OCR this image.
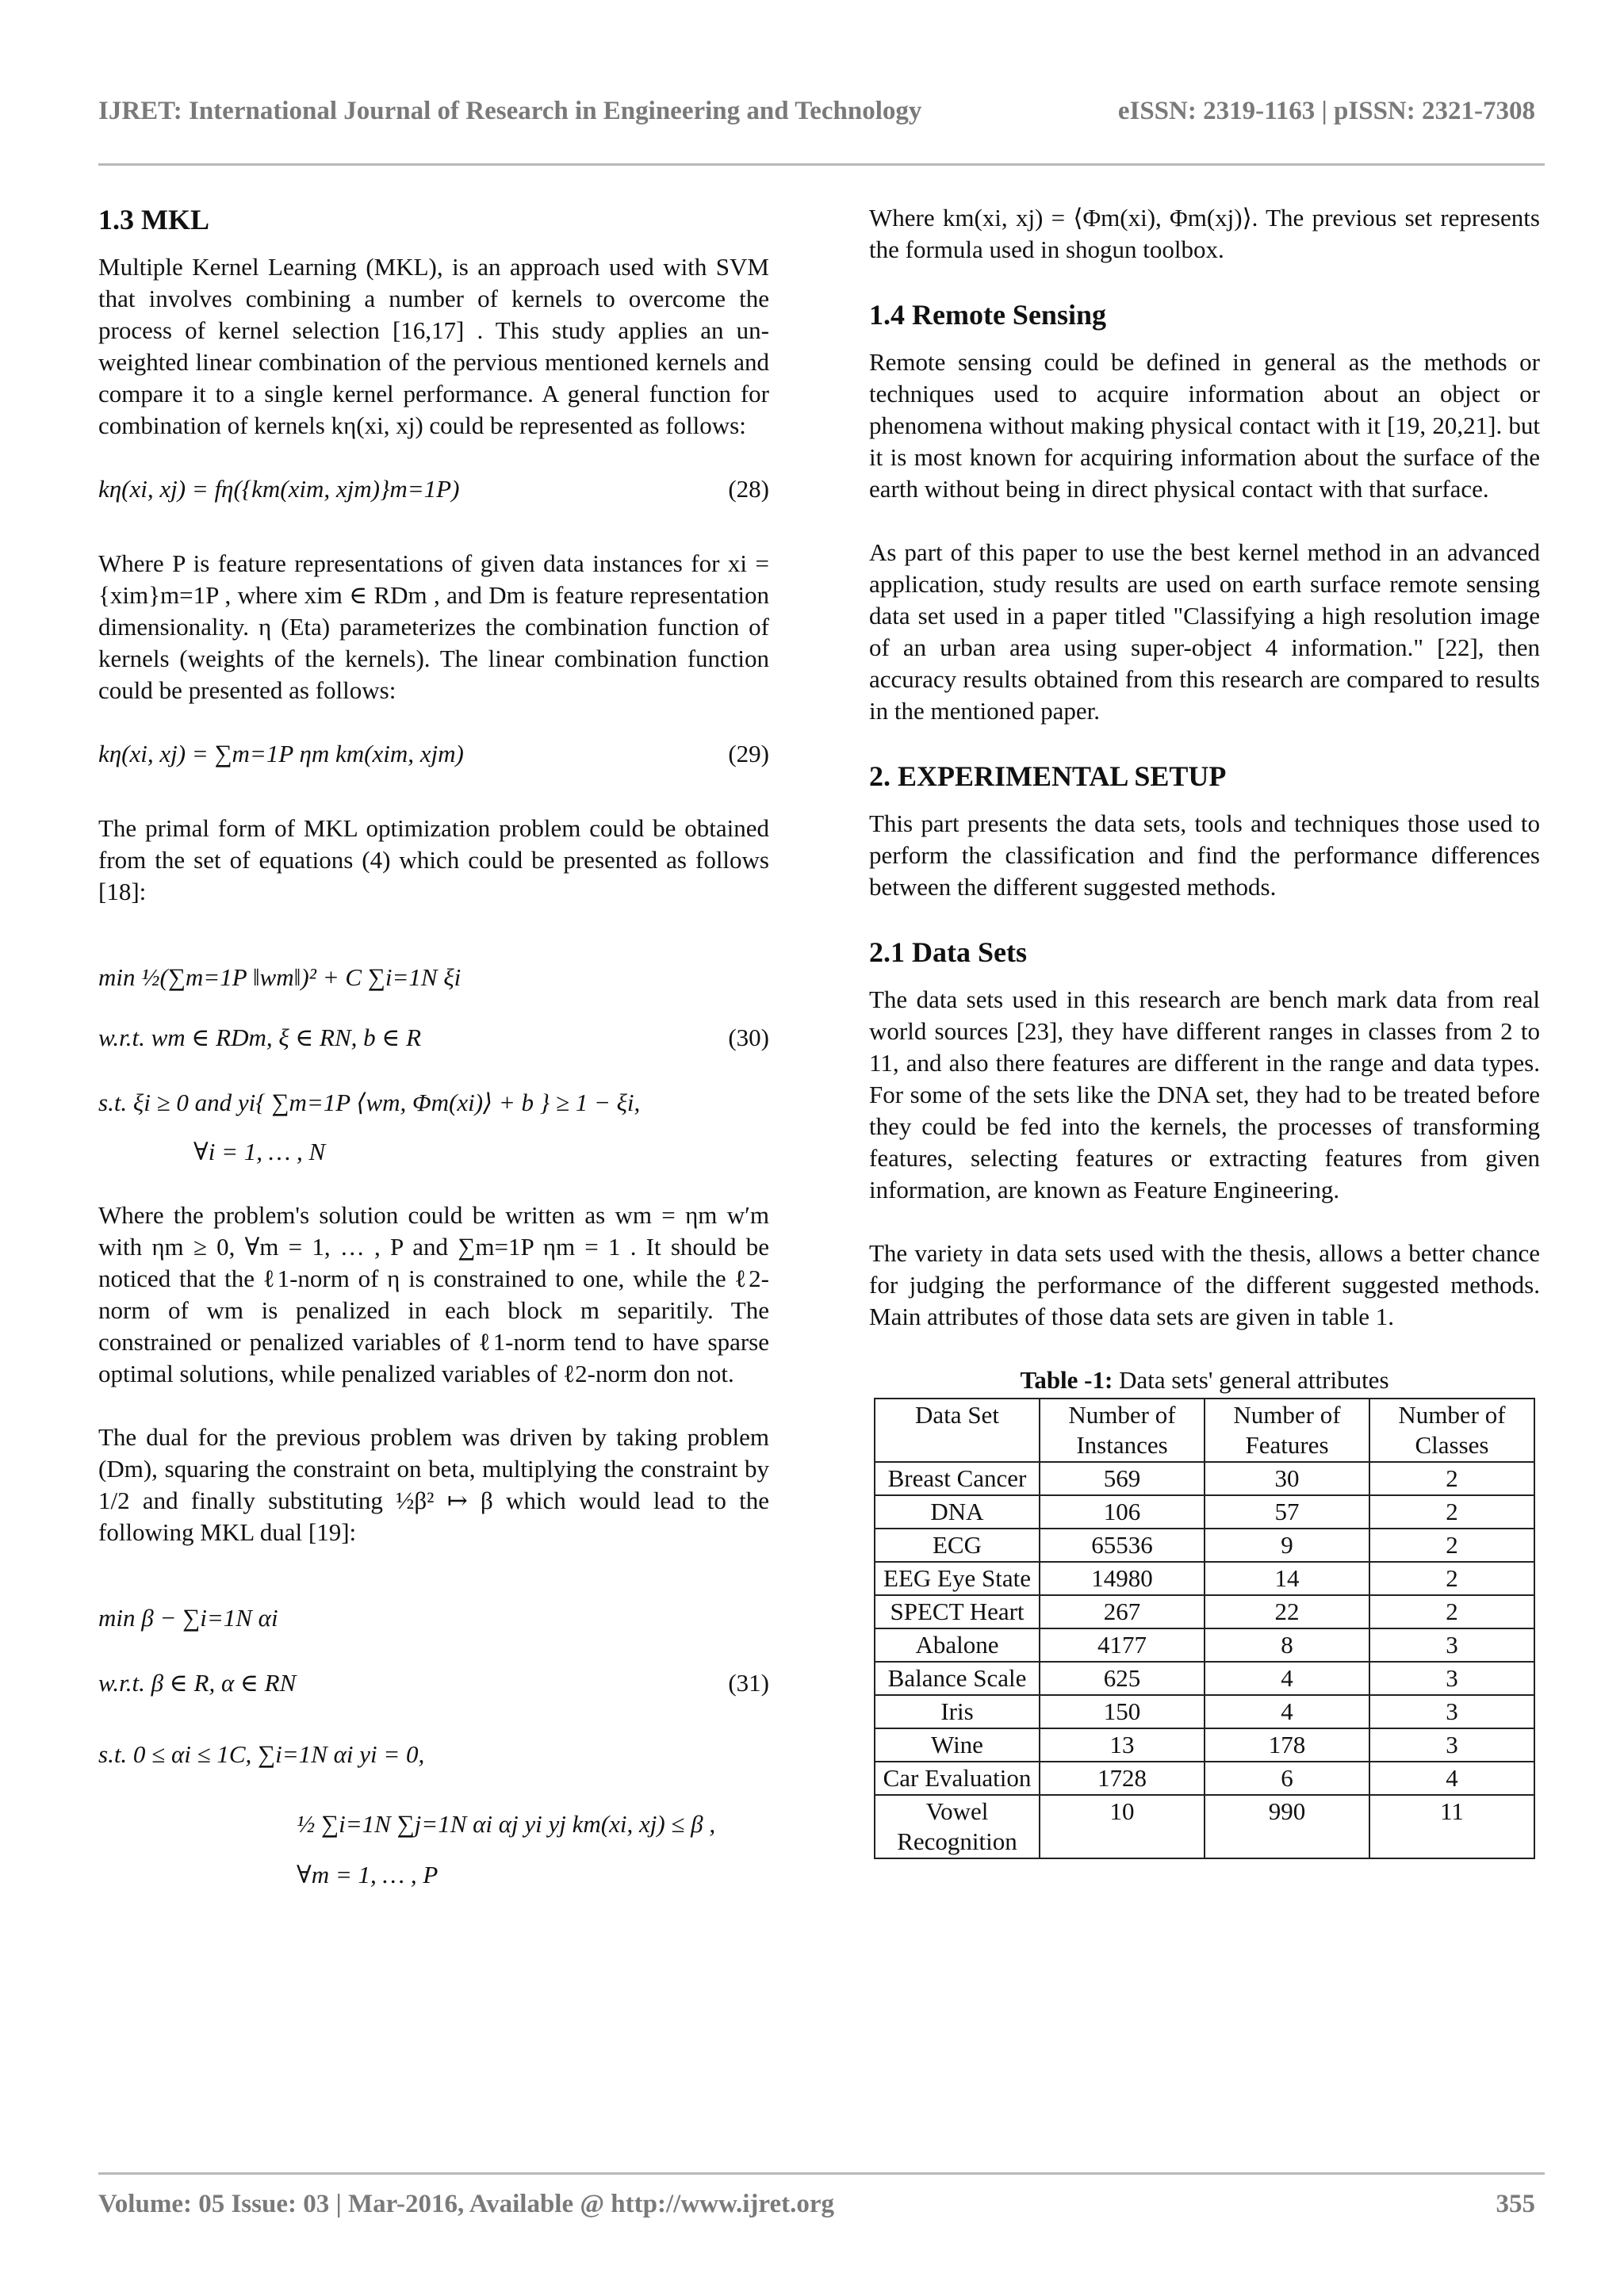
IJRET: International Journal of Research in Engineering and Technology	eISSN: 2319-1163 | pISSN: 2321-7308
1.3 MKL

Multiple Kernel Learning (MKL), is an approach used with SVM that involves combining a number of kernels to overcome the process of kernel selection [16,17] . This study applies an un-weighted linear combination of the pervious mentioned kernels and compare it to a single kernel performance. A general function for combination of kernels kη(xi, xj) could be represented as follows:

kη(xi, xj) = fη({km(xim, xjm)}m=1P)	(28)

Where P is feature representations of given data instances for xi = {xim}m=1P , where xim ∈ RDm , and Dm is feature representation dimensionality. η (Eta) parameterizes the combination function of kernels (weights of the kernels). The linear combination function could be presented as follows:

kη(xi, xj) = ∑m=1P ηm km(xim, xjm)	(29)

The primal form of MKL optimization problem could be obtained from the set of equations (4) which could be presented as follows [18]:

min ½(∑m=1P ‖wm‖)² + C ∑i=1N ξi
w.r.t. wm ∈ RDm, ξ ∈ RN, b ∈ R	(30)
s.t. ξi ≥ 0 and yi{ ∑m=1P ⟨wm, Φm(xi)⟩ + b } ≥ 1 − ξi,
∀i = 1, … , N

Where the problem's solution could be written as wm = ηm w′m with ηm ≥ 0, ∀m = 1, … , P and ∑m=1P ηm = 1 . It should be noticed that the ℓ1-norm of η is constrained to one, while the ℓ2-norm of wm is penalized in each block m separitily. The constrained or penalized variables of ℓ1-norm tend to have sparse optimal solutions, while penalized variables of ℓ2-norm don not.

The dual for the previous problem was driven by taking problem (Dm), squaring the constraint on beta, multiplying the constraint by 1/2 and finally substituting ½β² ↦ β which would lead to the following MKL dual [19]:

min β − ∑i=1N αi
w.r.t. β ∈ R, α ∈ RN	(31)
s.t. 0 ≤ αi ≤ 1C, ∑i=1N αi yi = 0,
½ ∑i=1N ∑j=1N αi αj yi yj km(xi, xj) ≤ β ,
∀m = 1, … , P

Where km(xi, xj) = ⟨Φm(xi), Φm(xj)⟩. The previous set represents the formula used in shogun toolbox.

1.4 Remote Sensing

Remote sensing could be defined in general as the methods or techniques used to acquire information about an object or phenomena without making physical contact with it [19, 20,21]. but it is most known for acquiring information about the surface of the earth without being in direct physical contact with that surface.

As part of this paper to use the best kernel method in an advanced application, study results are used on earth surface remote sensing data set used in a paper titled "Classifying a high resolution image of an urban area using super-object 4 information." [22], then accuracy results obtained from this research are compared to results in the mentioned paper.

2. EXPERIMENTAL SETUP

This part presents the data sets, tools and techniques those used to perform the classification and find the performance differences between the different suggested methods.

2.1 Data Sets

The data sets used in this research are bench mark data from real world sources [23], they have different ranges in classes from 2 to 11, and also there features are different in the range and data types. For some of the sets like the DNA set, they had to be treated before they could be fed into the kernels, the processes of transforming features, selecting features or extracting features from given information, are known as Feature Engineering.

The variety in data sets used with the thesis, allows a better chance for judging the performance of the different suggested methods. Main attributes of those data sets are given in table 1.

Table -1: Data sets' general attributes
Data Set	Number of Instances	Number of Features	Number of Classes
Breast Cancer	569	30	2
DNA	106	57	2
ECG	65536	9	2
EEG Eye State	14980	14	2
SPECT Heart	267	22	2
Abalone	4177	8	3
Balance Scale	625	4	3
Iris	150	4	3
Wine	13	178	3
Car Evaluation	1728	6	4
Vowel Recognition	10	990	11
Volume: 05 Issue: 03 | Mar-2016, Available @ http://www.ijret.org	355
